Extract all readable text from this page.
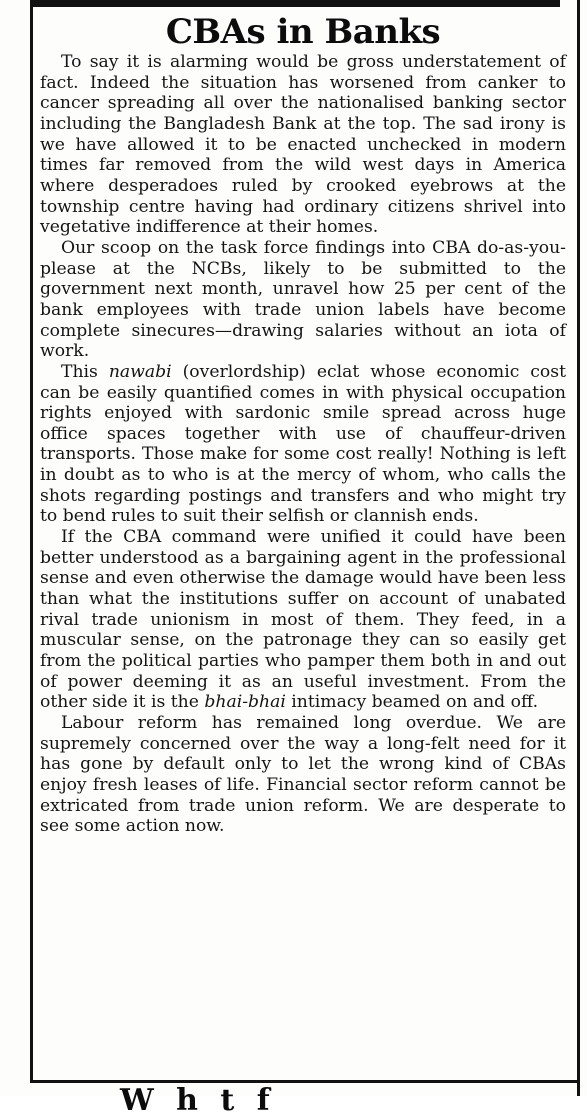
CBAs in Banks

To say it is alarming would be gross understatement of fact. Indeed the situation has worsened from canker to cancer spreading all over the nationalised banking sector including the Bangladesh Bank at the top. The sad irony is we have allowed it to be enacted unchecked in modern times far removed from the wild west days in America where desperadoes ruled by crooked eyebrows at the township centre having had ordinary citizens shrivel into vegetative indifference at their homes.

Our scoop on the task force findings into CBA do-as-you-please at the NCBs, likely to be submitted to the government next month, unravel how 25 per cent of the bank employees with trade union labels have become complete sinecures—drawing salaries without an iota of work.

This nawabi (overlordship) eclat whose economic cost can be easily quantified comes in with physical occupation rights enjoyed with sardonic smile spread across huge office spaces together with use of chauffeur-driven transports. Those make for some cost really! Nothing is left in doubt as to who is at the mercy of whom, who calls the shots regarding postings and transfers and who might try to bend rules to suit their selfish or clannish ends.

If the CBA command were unified it could have been better understood as a bargaining agent in the professional sense and even otherwise the damage would have been less than what the institutions suffer on account of unabated rival trade unionism in most of them. They feed, in a muscular sense, on the patronage they can so easily get from the political parties who pamper them both in and out of power deeming it as an useful investment. From the other side it is the bhai-bhai intimacy beamed on and off.

Labour reform has remained long overdue. We are supremely concerned over the way a long-felt need for it has gone by default only to let the wrong kind of CBAs enjoy fresh leases of life. Financial sector reform cannot be extricated from trade union reform. We are desperate to see some action now.

W h t f
